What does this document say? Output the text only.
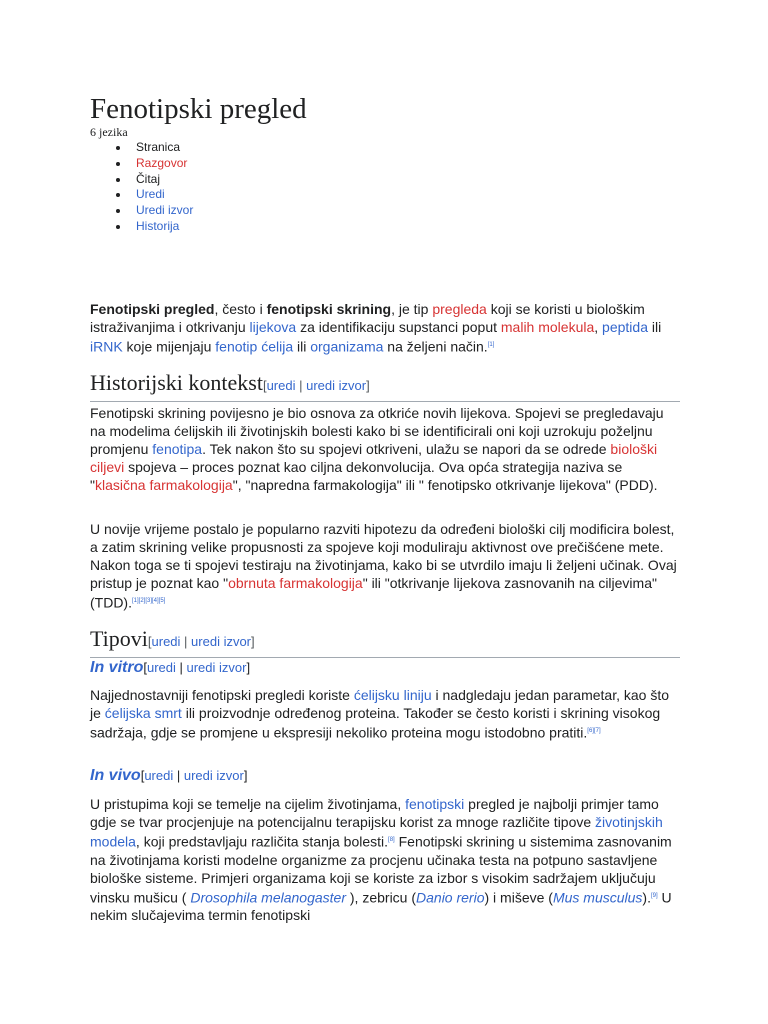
Fenotipski pregled
6 jezika
Stranica
Razgovor
Čitaj
Uredi
Uredi izvor
Historija

Fenotipski pregled, često i fenotipski skrining, je tip pregleda koji se koristi u biološkim istraživanjima i otkrivanju lijekova za identifikaciju supstanci poput malih molekula, peptida ili iRNK koje mijenjaju fenotip ćelija ili organizama na željeni način.[1]

Historijski kontekst[uredi | uredi izvor]

Fenotipski skrining povijesno je bio osnova za otkriće novih lijekova. Spojevi se pregledavaju na modelima ćelijskih ili životinjskih bolesti kako bi se identificirali oni koji uzrokuju poželjnu promjenu fenotipa. Tek nakon što su spojevi otkriveni, ulažu se napori da se odrede biološki ciljevi spojeva – proces poznat kao ciljna dekonvolucija. Ova opća strategija naziva se "klasična farmakologija", "napredna farmakologija" ili " fenotipsko otkrivanje lijekova" (PDD).

U novije vrijeme postalo je popularno razviti hipotezu da određeni biološki cilj modificira bolest, a zatim skrining velike propusnosti za spojeve koji moduliraju aktivnost ove prečišćene mete. Nakon toga se ti spojevi testiraju na životinjama, kako bi se utvrdilo imaju li željeni učinak. Ovaj pristup je poznat kao "obrnuta farmakologija" ili "otkrivanje lijekova zasnovanih na ciljevima" (TDD).[1][2][3][4][5]

Tipovi[uredi | uredi izvor]
In vitro[uredi | uredi izvor]

Najjednostavniji fenotipski pregledi koriste ćelijsku liniju i nadgledaju jedan parametar, kao što je ćelijska smrt ili proizvodnje određenog proteina. Također se često koristi i skrining visokog sadržaja, gdje se promjene u ekspresiji nekoliko proteina mogu istodobno pratiti.[6][7]

In vivo[uredi | uredi izvor]

U pristupima koji se temelje na cijelim životinjama, fenotipski pregled je najbolji primjer tamo gdje se tvar procjenjuje na potencijalnu terapijsku korist za mnoge različite tipove životinjskih modela, koji predstavljaju različita stanja bolesti.[8] Fenotipski skrining u sistemima zasnovanim na životinjama koristi modelne organizme za procjenu učinaka testa na potpuno sastavljene biološke sisteme. Primjeri organizama koji se koriste za izbor s visokim sadržajem uključuju vinsku mušicu ( Drosophila melanogaster ), zebricu (Danio rerio) i miševe (Mus musculus).[9] U nekim slučajevima termin fenotipski
